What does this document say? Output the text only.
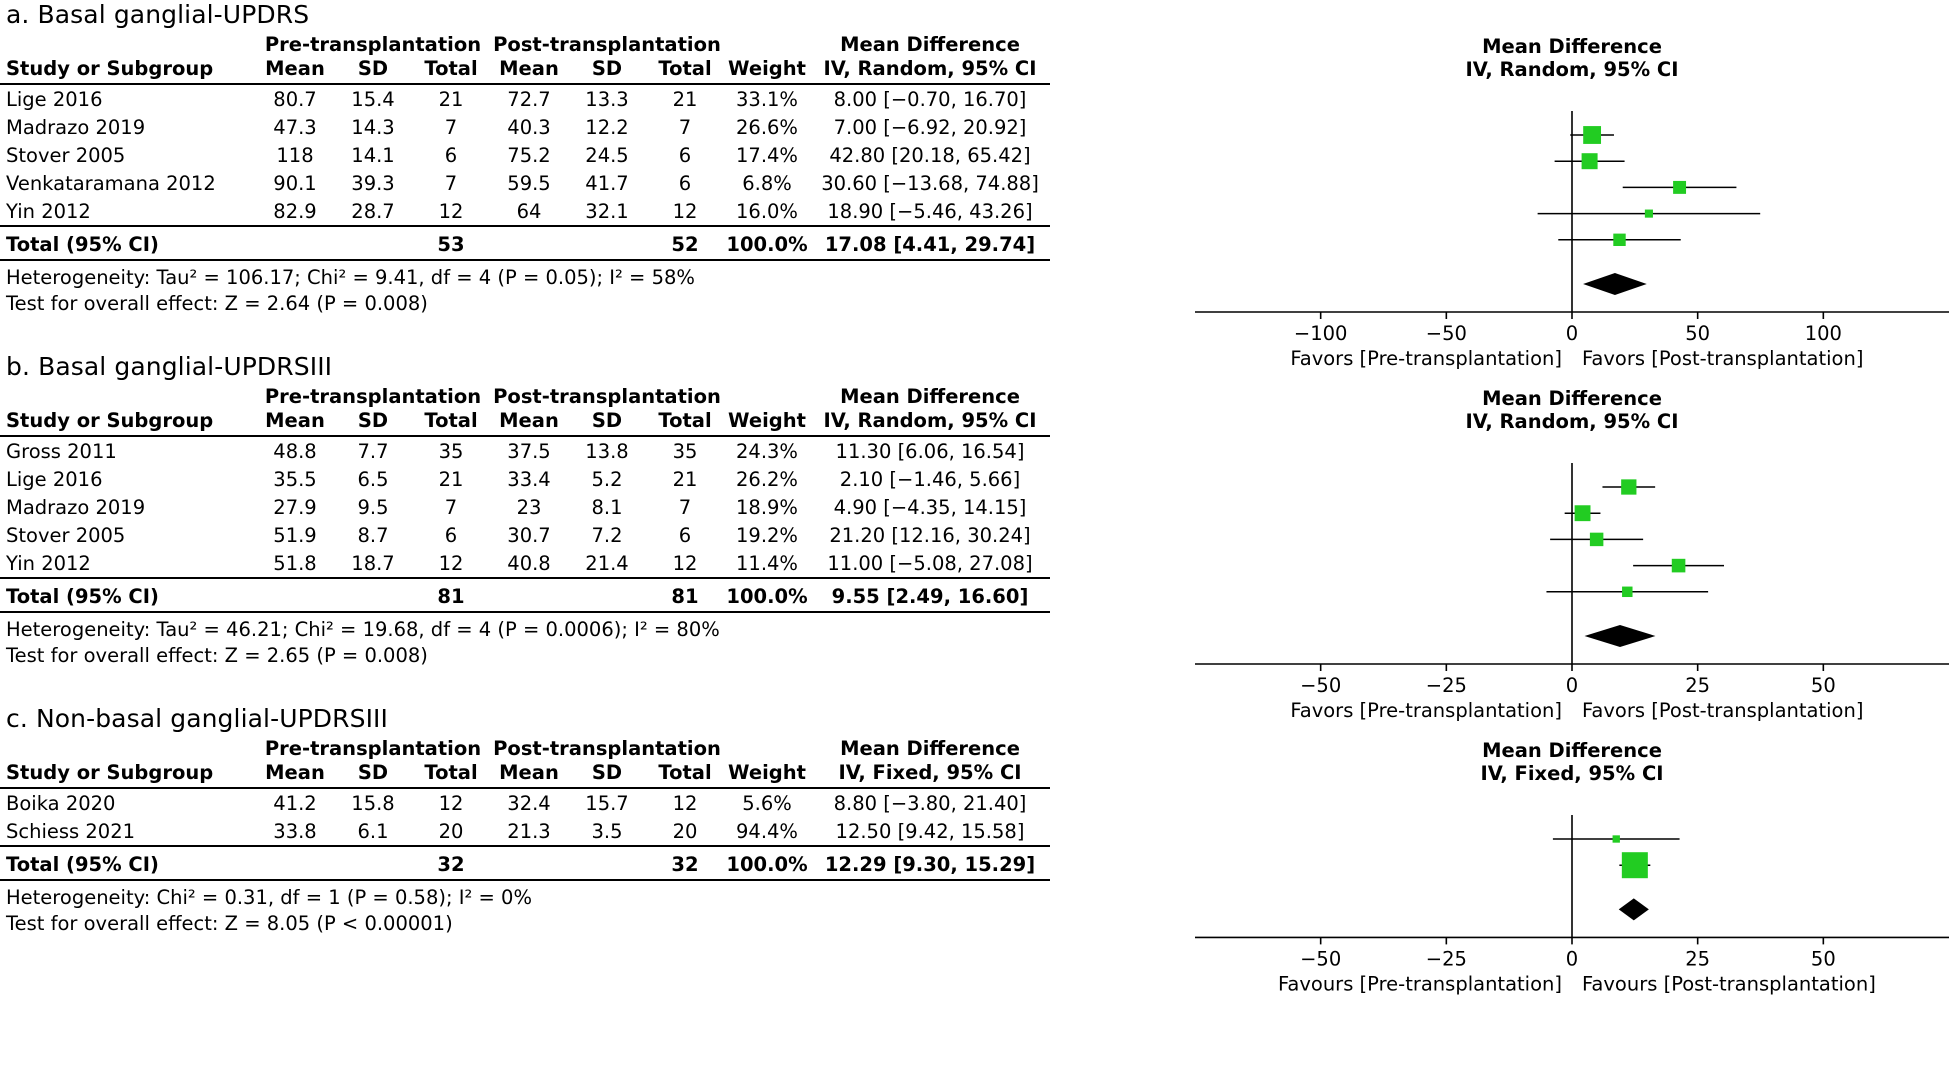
a. Basal ganglial-UPDRS
	Pre-transplantation			Post-transplantation				Mean Difference
Study or Subgroup	Mean	SD	Total	Mean	SD	Total	Weight	IV, Random, 95% CI
Lige 2016	80.7	15.4	21	72.7	13.3	21	33.1%	8.00 [−0.70, 16.70]
Madrazo 2019	47.3	14.3	7	40.3	12.2	7	26.6%	7.00 [−6.92, 20.92]
Stover 2005	118	14.1	6	75.2	24.5	6	17.4%	42.80 [20.18, 65.42]
Venkataramana 2012	90.1	39.3	7	59.5	41.7	6	6.8%	30.60 [−13.68, 74.88]
Yin 2012	82.9	28.7	12	64	32.1	12	16.0%	18.90 [−5.46, 43.26]
Total (95% CI)			53			52	100.0%	17.08 [4.41, 29.74]

Heterogeneity: Tau² = 106.17; Chi² = 9.41, df = 4 (P = 0.05); I² = 58%
Test for overall effect: Z = 2.64 (P = 0.008)
Mean Difference
IV, Random, 95% CI
−100	−50	0	50	100
Favors [Pre-transplantation] Favors [Post-transplantation]
b. Basal ganglial-UPDRSIII
	Pre-transplantation			Post-transplantation				Mean Difference
Study or Subgroup	Mean	SD	Total	Mean	SD	Total	Weight	IV, Random, 95% CI
Gross 2011	48.8	7.7	35	37.5	13.8	35	24.3%	11.30 [6.06, 16.54]
Lige 2016	35.5	6.5	21	33.4	5.2	21	26.2%	2.10 [−1.46, 5.66]
Madrazo 2019	27.9	9.5	7	23	8.1	7	18.9%	4.90 [−4.35, 14.15]
Stover 2005	51.9	8.7	6	30.7	7.2	6	19.2%	21.20 [12.16, 30.24]
Yin 2012	51.8	18.7	12	40.8	21.4	12	11.4%	11.00 [−5.08, 27.08]
Total (95% CI)			81			81	100.0%	9.55 [2.49, 16.60]

Heterogeneity: Tau² = 46.21; Chi² = 19.68, df = 4 (P = 0.0006); I² = 80%
Test for overall effect: Z = 2.65 (P = 0.008)
Mean Difference
IV, Random, 95% CI
−50	−25	0	25	50
Favors [Pre-transplantation] Favors [Post-transplantation]
c. Non-basal ganglial-UPDRSIII
	Pre-transplantation			Post-transplantation				Mean Difference
Study or Subgroup	Mean	SD	Total	Mean	SD	Total	Weight	IV, Fixed, 95% CI
Boika 2020	41.2	15.8	12	32.4	15.7	12	5.6%	8.80 [−3.80, 21.40]
Schiess 2021	33.8	6.1	20	21.3	3.5	20	94.4%	12.50 [9.42, 15.58]
Total (95% CI)			32			32	100.0%	12.29 [9.30, 15.29]

Heterogeneity: Chi² = 0.31, df = 1 (P = 0.58); I² = 0%
Test for overall effect: Z = 8.05 (P < 0.00001)
Mean Difference
IV, Fixed, 95% CI
−50	−25	0	25	50
Favours [Pre-transplantation] Favours [Post-transplantation]
